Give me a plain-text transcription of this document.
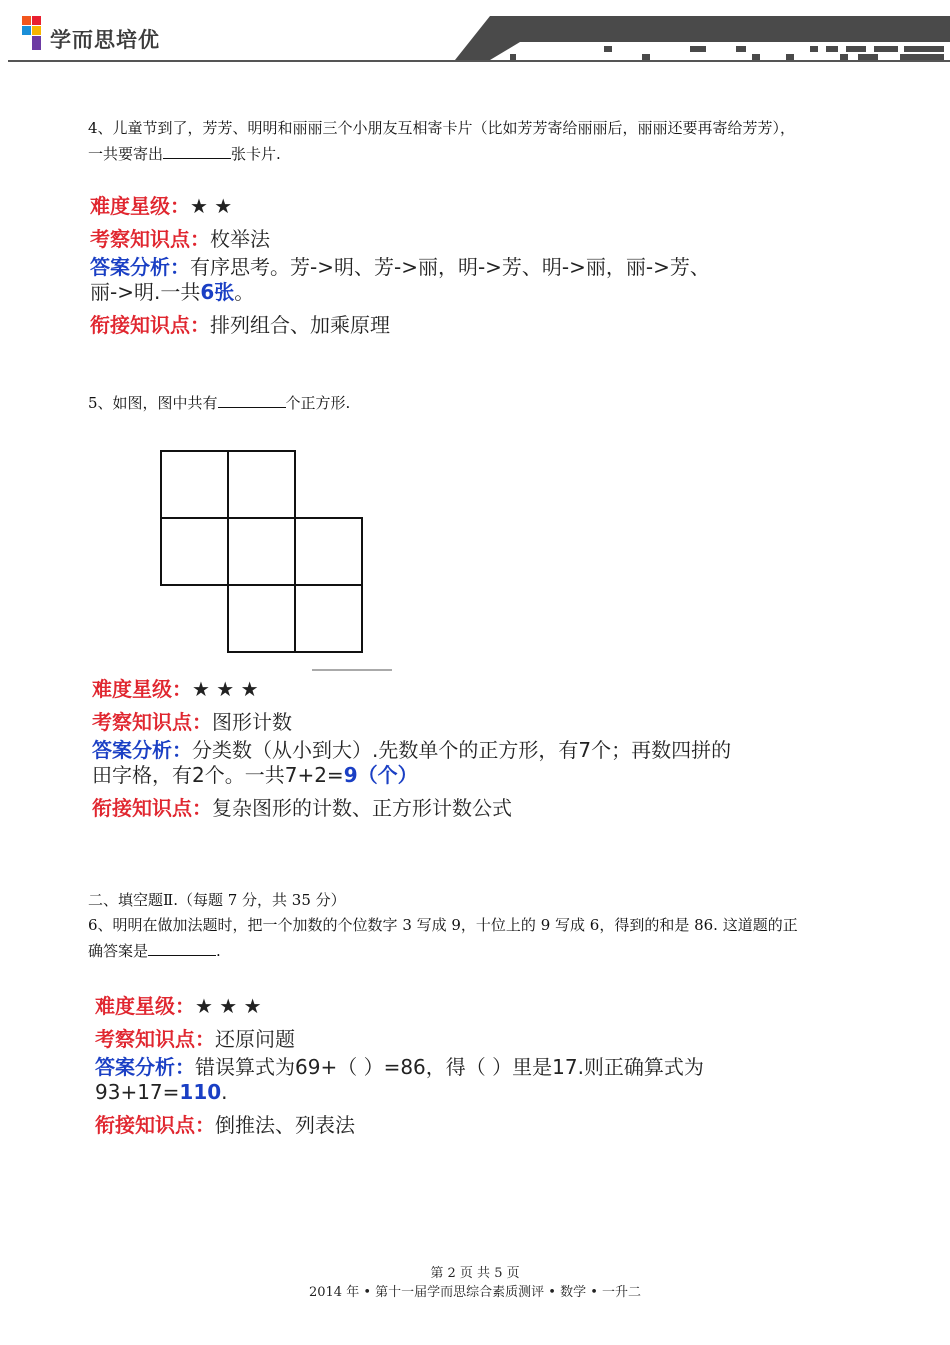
学而思培优
4、儿童节到了，芳芳、明明和丽丽三个小朋友互相寄卡片（比如芳芳寄给丽丽后，丽丽还要再寄给芳芳），
一共要寄出	张卡片.
难度星级：★ ★
考察知识点：枚举法
答案分析：有序思考。芳->明、芳->丽，明->芳、明->丽，丽->芳、
丽->明.一共6张。
衔接知识点：排列组合、加乘原理
5、如图，图中共有	个正方形.
难度星级：★ ★ ★
考察知识点：图形计数
答案分析：分类数（从小到大）.先数单个的正方形，有7个；再数四拼的
田字格，有2个。一共7+2=9（个）
衔接知识点：复杂图形的计数、正方形计数公式
二、填空题Ⅱ.（每题 7 分，共 35 分）
6、明明在做加法题时，把一个加数的个位数字 3 写成 9，十位上的 9 写成 6，得到的和是 86. 这道题的正
确答案是	.
难度星级：★ ★ ★
考察知识点：还原问题
答案分析：错误算式为69+（ ）=86，得（ ）里是17.则正确算式为
93+17=110.
衔接知识点：倒推法、列表法
第 2 页 共 5 页
2014 年 • 第十一届学而思综合素质测评 • 数学 • 一升二
